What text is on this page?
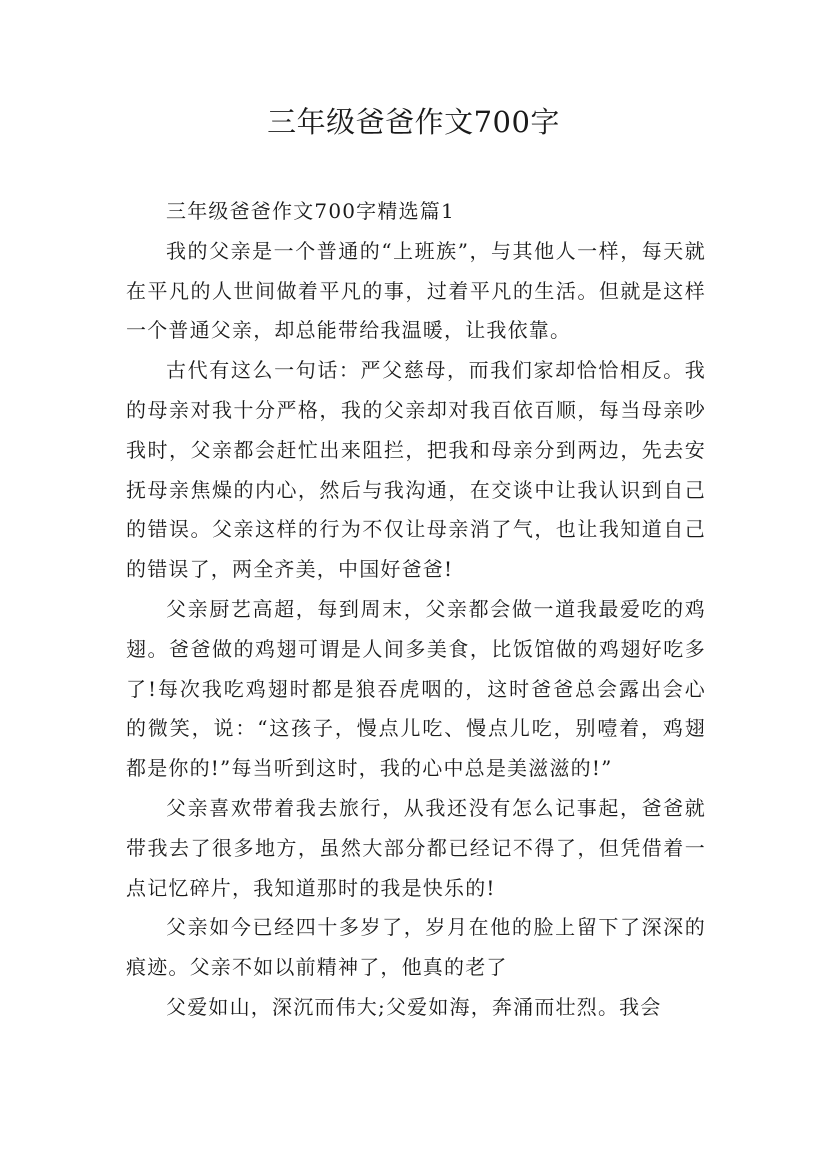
三年级爸爸作文700字

三年级爸爸作文700字精选篇1

我的父亲是一个普通的“上班族”，与其他人一样，每天就在平凡的人世间做着平凡的事，过着平凡的生活。但就是这样一个普通父亲，却总能带给我温暖，让我依靠。

古代有这么一句话：严父慈母，而我们家却恰恰相反。我的母亲对我十分严格，我的父亲却对我百依百顺，每当母亲吵我时，父亲都会赶忙出来阻拦，把我和母亲分到两边，先去安抚母亲焦燥的内心，然后与我沟通，在交谈中让我认识到自己的错误。父亲这样的行为不仅让母亲消了气，也让我知道自己的错误了，两全齐美，中国好爸爸!

父亲厨艺高超，每到周末，父亲都会做一道我最爱吃的鸡翅。爸爸做的鸡翅可谓是人间多美食，比饭馆做的鸡翅好吃多了!每次我吃鸡翅时都是狼吞虎咽的，这时爸爸总会露出会心的微笑，说：“这孩子，慢点儿吃、慢点儿吃，别噎着，鸡翅都是你的!”每当听到这时，我的心中总是美滋滋的!”

父亲喜欢带着我去旅行，从我还没有怎么记事起，爸爸就带我去了很多地方，虽然大部分都已经记不得了，但凭借着一点记忆碎片，我知道那时的我是快乐的!

父亲如今已经四十多岁了，岁月在他的脸上留下了深深的痕迹。父亲不如以前精神了，他真的老了

父爱如山，深沉而伟大;父爱如海，奔涌而壮烈。我会
